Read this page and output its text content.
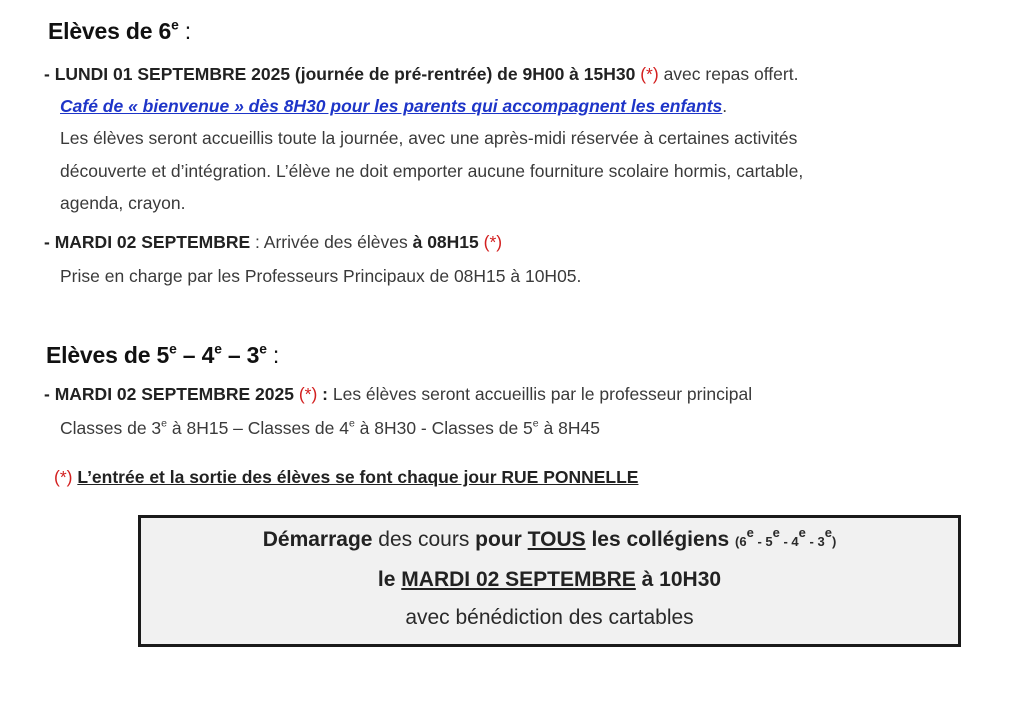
Elèves de 6e :
- LUNDI 01 SEPTEMBRE 2025 (journée de pré-rentrée) de 9H00 à 15H30 (*) avec repas offert.
Café de « bienvenue » dès 8H30 pour les parents qui accompagnent les enfants.
Les élèves seront accueillis toute la journée, avec une après-midi réservée à certaines activités
découverte et d’intégration. L’élève ne doit emporter aucune fourniture scolaire hormis, cartable,
agenda, crayon.
- MARDI 02 SEPTEMBRE : Arrivée des élèves à 08H15 (*)
Prise en charge par les Professeurs Principaux de 08H15 à 10H05.
Elèves de 5e – 4e – 3e :
- MARDI 02 SEPTEMBRE 2025 (*) : Les élèves seront accueillis par le professeur principal
Classes de 3e à 8H15 – Classes de 4e à 8H30 - Classes de 5e à 8H45
(*) L’entrée et la sortie des élèves se font chaque jour RUE PONNELLE
Démarrage des cours pour TOUS les collégiens (6e - 5e - 4e - 3e)
le MARDI 02 SEPTEMBRE à 10H30
avec bénédiction des cartables
